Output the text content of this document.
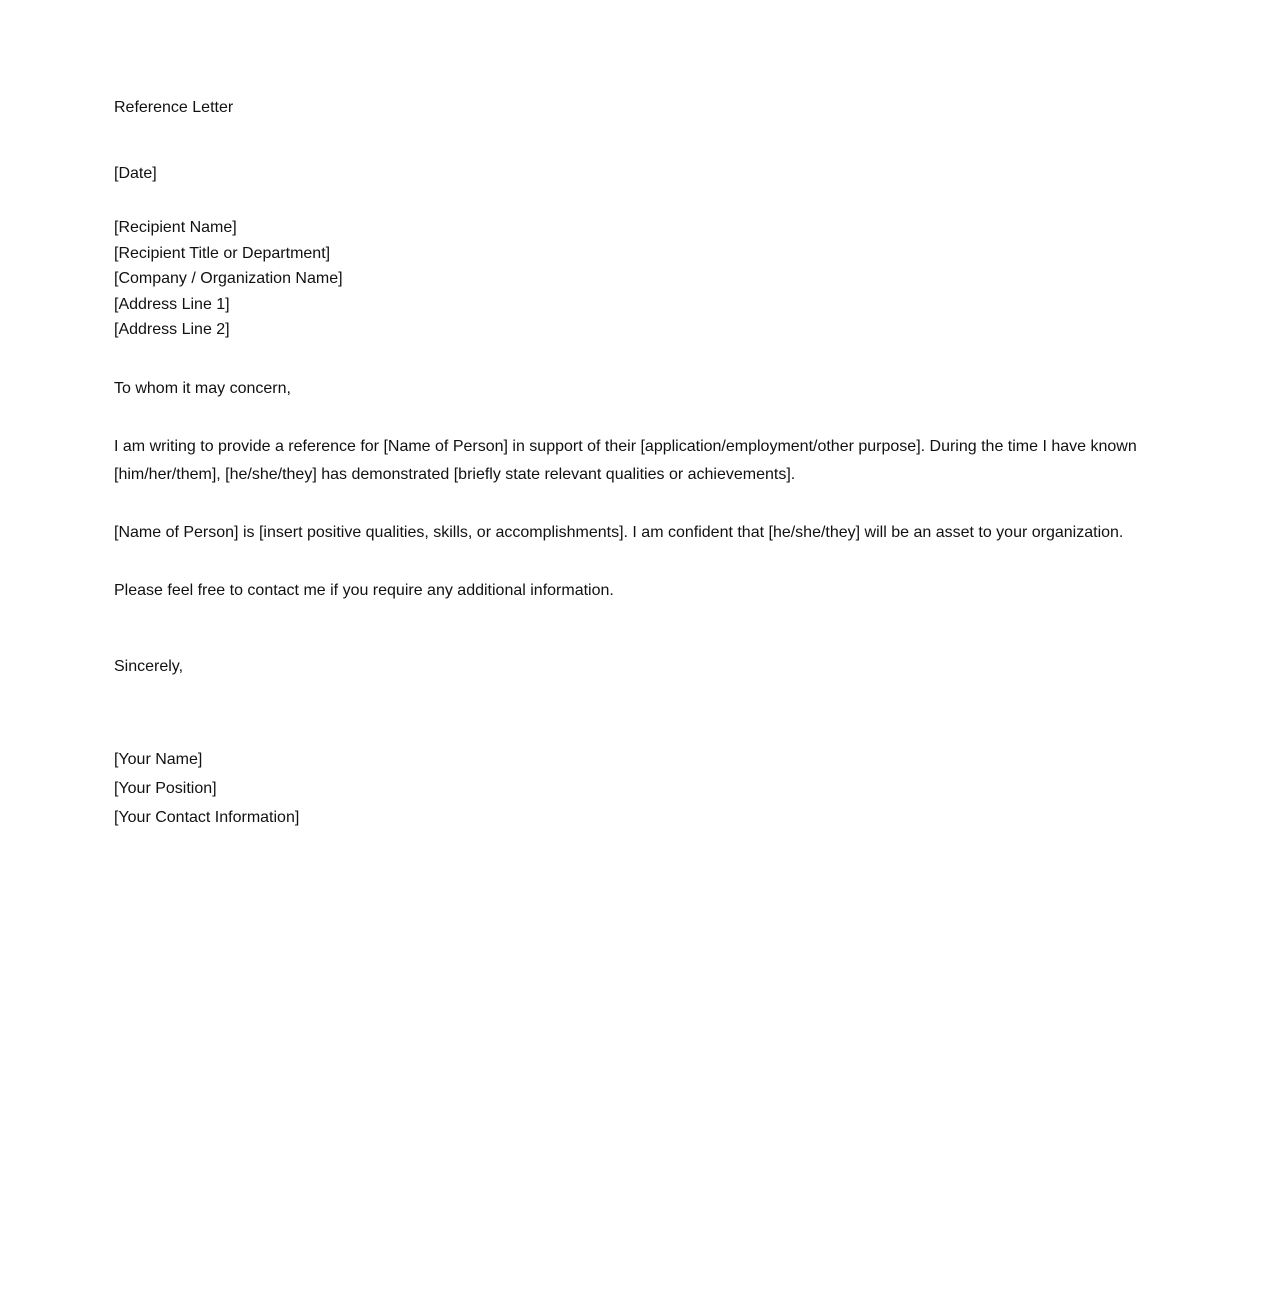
Reference Letter
[Date]
[Recipient Name]
[Recipient Title or Department]
[Company / Organization Name]
[Address Line 1]
[Address Line 2]
To whom it may concern,
I am writing to provide a reference for [Name of Person] in support of their [application/employment/other purpose]. During the time I have known [him/her/them], [he/she/they] has demonstrated [briefly state relevant qualities or achievements].
[Name of Person] is [insert positive qualities, skills, or accomplishments]. I am confident that [he/she/they] will be an asset to your organization.
Please feel free to contact me if you require any additional information.
Sincerely,
[Your Name]
[Your Position]
[Your Contact Information]
